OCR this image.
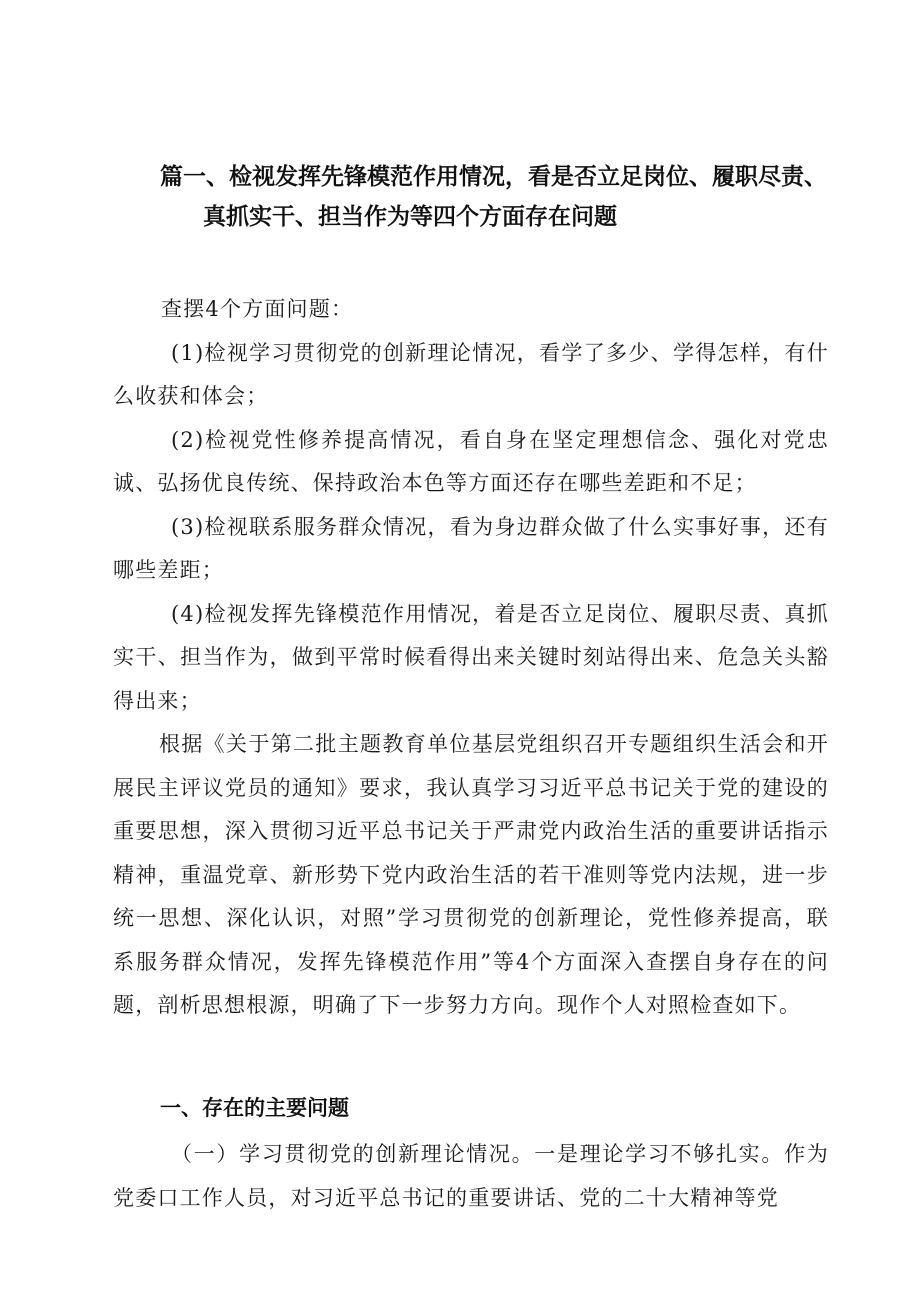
篇一、检视发挥先锋模范作用情况，看是否立足岗位、履职尽责、
真抓实干、担当作为等四个方面存在问题

查摆4个方面问题：

(1)检视学习贯彻党的创新理论情况，看学了多少、学得怎样，有什么收获和体会；

(2)检视党性修养提高情况，看自身在坚定理想信念、强化对党忠诚、弘扬优良传统、保持政治本色等方面还存在哪些差距和不足；

(3)检视联系服务群众情况，看为身边群众做了什么实事好事，还有哪些差距；

(4)检视发挥先锋模范作用情况，着是否立足岗位、履职尽责、真抓实干、担当作为，做到平常时候看得出来关键时刻站得出来、危急关头豁得出来；

根据《关于第二批主题教育单位基层党组织召开专题组织生活会和开展民主评议党员的通知》要求，我认真学习习近平总书记关于党的建设的重要思想，深入贯彻习近平总书记关于严肃党内政治生活的重要讲话指示精神，重温党章、新形势下党内政治生活的若干准则等党内法规，进一步统一思想、深化认识，对照”学习贯彻党的创新理论，党性修养提高，联系服务群众情况，发挥先锋模范作用”等4个方面深入查摆自身存在的问题，剖析思想根源，明确了下一步努力方向。现作个人对照检查如下。

一、存在的主要问题

（一）学习贯彻党的创新理论情况。一是理论学习不够扎实。作为党委口工作人员，对习近平总书记的重要讲话、党的二十大精神等党
